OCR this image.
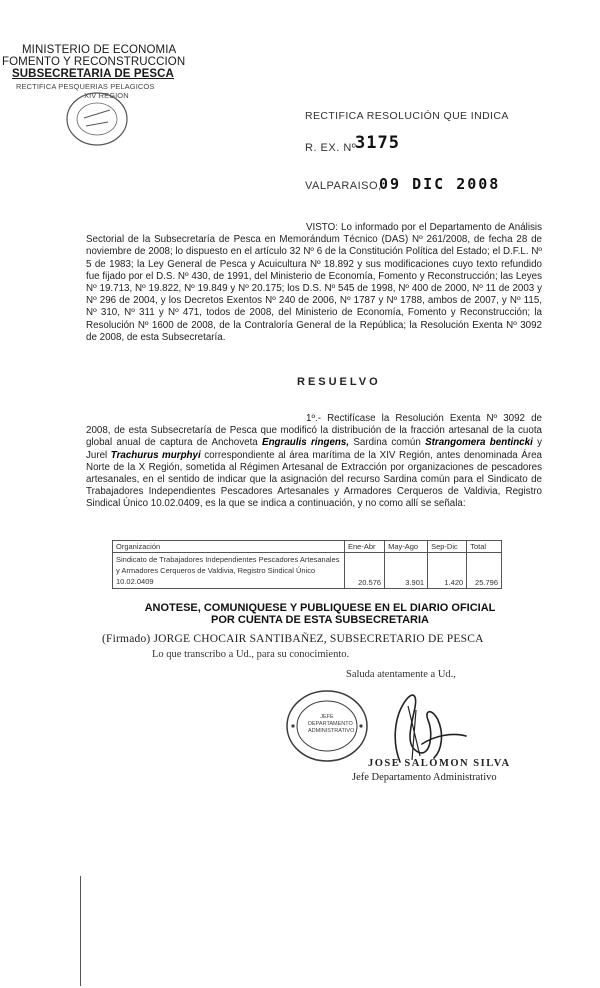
MINISTERIO DE ECONOMIA
FOMENTO Y RECONSTRUCCION
SUBSECRETARIA DE PESCA
RECTIFICA PESQUERIAS PELAGICOS
XIV REGION
RECTIFICA RESOLUCIÓN QUE INDICA
R. EX. Nº
3175
VALPARAISO,
09 DIC 2008
VISTO: Lo informado por el Departamento de Análisis Sectorial de la Subsecretaría de Pesca en Memorándum Técnico (DAS) Nº 261/2008, de fecha 28 de noviembre de 2008; lo dispuesto en el artículo 32 Nº 6 de la Constitución Política del Estado; el D.F.L. Nº 5 de 1983; la Ley General de Pesca y Acuicultura Nº 18.892 y sus modificaciones cuyo texto refundido fue fijado por el D.S. Nº 430, de 1991, del Ministerio de Economía, Fomento y Reconstrucción; las Leyes Nº 19.713, Nº 19.822, Nº 19.849 y Nº 20.175; los D.S. Nº 545 de 1998, Nº 400 de 2000, Nº 11 de 2003 y Nº 296 de 2004, y los Decretos Exentos Nº 240 de 2006, Nº 1787 y Nº 1788, ambos de 2007, y Nº 115, Nº 310, Nº 311 y Nº 471, todos de 2008, del Ministerio de Economía, Fomento y Reconstrucción; la Resolución Nº 1600 de 2008, de la Contraloría General de la República; la Resolución Exenta Nº 3092 de 2008, de esta Subsecretaría.
RESUELVO
1º.- Rectifícase la Resolución Exenta Nº 3092 de 2008, de esta Subsecretaría de Pesca que modificó la distribución de la fracción artesanal de la cuota global anual de captura de Anchoveta Engraulis ringens, Sardina común Strangomera bentincki y Jurel Trachurus murphyi correspondiente al área marítima de la XIV Región, antes denominada Área Norte de la X Región, sometida al Régimen Artesanal de Extracción por organizaciones de pescadores artesanales, en el sentido de indicar que la asignación del recurso Sardina común para el Sindicato de Trabajadores Independientes Pescadores Artesanales y Armadores Cerqueros de Valdivia, Registro Sindical Único 10.02.0409, es la que se indica a continuación, y no como allí se señala:
Organización	Ene-Abr	May-Ago	Sep-Dic	Total
Sindicato de Trabajadores Independientes Pescadores Artesanales y Armadores Cerqueros de Valdivia, Registro Sindical Único 10.02.0409	20.576	3.901	1.420	25.796
ANOTESE, COMUNIQUESE Y PUBLIQUESE EN EL DIARIO OFICIAL
POR CUENTA DE ESTA SUBSECRETARIA
(Firmado) JORGE CHOCAIR SANTIBAÑEZ, SUBSECRETARIO DE PESCA
Lo que transcribo a Ud., para su conocimiento.
Saluda atentamente a Ud.,
JEFE DEPARTAMENTO ADMINISTRATIVO
JOSE SALOMON SILVA
Jefe Departamento Administrativo
